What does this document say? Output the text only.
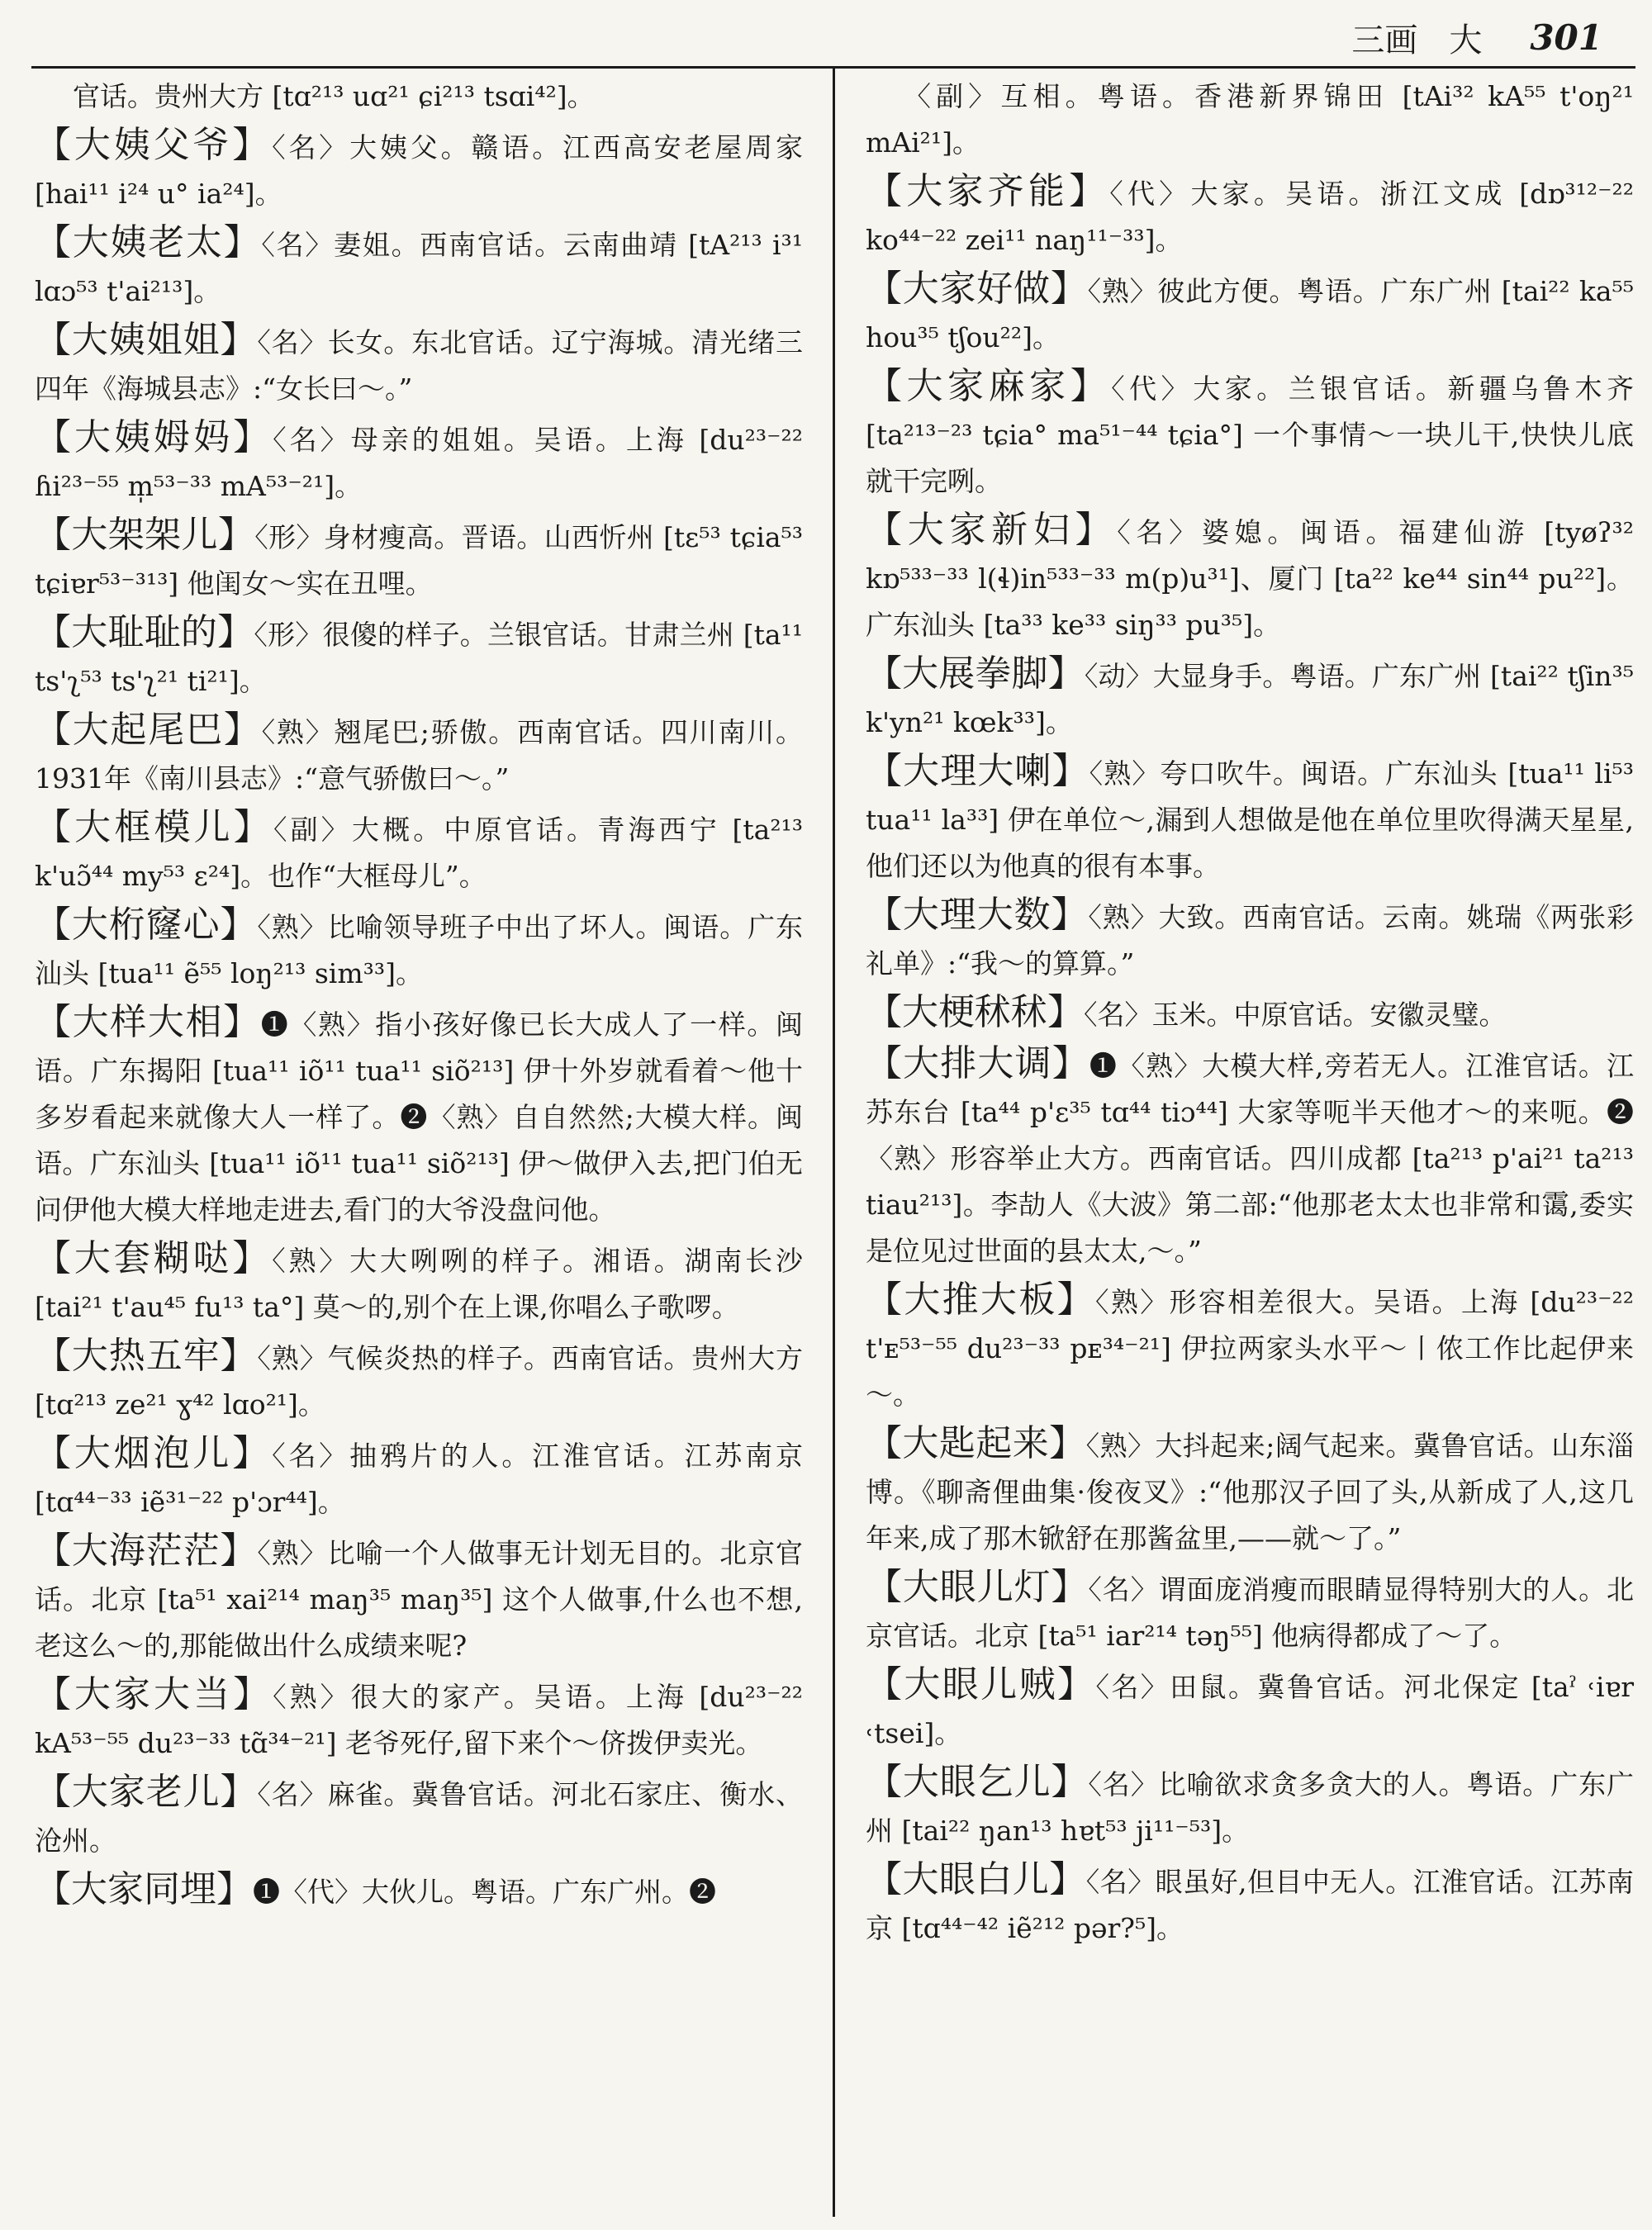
三画 大 301

官话。贵州大方 [tɑ²¹³ uɑ²¹ ɕi²¹³ tsɑi⁴²]。

【大姨父爷】〈名〉大姨父。赣语。江西高安老屋周家 [hai¹¹ i²⁴ u° ia²⁴]。

【大姨老太】〈名〉妻姐。西南官话。云南曲靖 [tA²¹³ i³¹ lɑɔ⁵³ t'ai²¹³]。

【大姨姐姐】〈名〉长女。东北官话。辽宁海城。清光绪三四年《海城县志》:“女长曰～。”

【大姨姆妈】〈名〉母亲的姐姐。吴语。上海 [du²³⁻²² ɦi²³⁻⁵⁵ m̩⁵³⁻³³ mA⁵³⁻²¹]。

【大架架儿】〈形〉身材瘦高。晋语。山西忻州 [tɛ⁵³ tɕia⁵³ tɕiɐr⁵³⁻³¹³] 他闺女～实在丑哩。

【大耻耻的】〈形〉很傻的样子。兰银官话。甘肃兰州 [ta¹¹ ts'ʅ⁵³ ts'ʅ²¹ ti²¹]。

【大起尾巴】〈熟〉翘尾巴;骄傲。西南官话。四川南川。1931年《南川县志》:“意气骄傲曰～。”

【大框模儿】〈副〉大概。中原官话。青海西宁 [ta²¹³ k'uɔ̃⁴⁴ my⁵³ ɛ²⁴]。也作“大框母儿”。

【大桁窿心】〈熟〉比喻领导班子中出了坏人。闽语。广东汕头 [tua¹¹ ẽ⁵⁵ loŋ²¹³ sim³³]。

【大样大相】❶〈熟〉指小孩好像已长大成人了一样。闽语。广东揭阳 [tua¹¹ iõ¹¹ tua¹¹ siõ²¹³] 伊十外岁就看着～他十多岁看起来就像大人一样了。❷〈熟〉自自然然;大模大样。闽语。广东汕头 [tua¹¹ iõ¹¹ tua¹¹ siõ²¹³] 伊～做伊入去,把门伯无问伊他大模大样地走进去,看门的大爷没盘问他。

【大套糊哒】〈熟〉大大咧咧的样子。湘语。湖南长沙 [tai²¹ t'au⁴⁵ fu¹³ ta°] 莫～的,别个在上课,你唱么子歌啰。

【大热五牢】〈熟〉气候炎热的样子。西南官话。贵州大方 [tɑ²¹³ ze²¹ ɣ⁴² lɑo²¹]。

【大烟泡儿】〈名〉抽鸦片的人。江淮官话。江苏南京 [tɑ⁴⁴⁻³³ iẽ³¹⁻²² p'ɔr⁴⁴]。

【大海茫茫】〈熟〉比喻一个人做事无计划无目的。北京官话。北京 [ta⁵¹ xai²¹⁴ maŋ³⁵ maŋ³⁵] 这个人做事,什么也不想,老这么～的,那能做出什么成绩来呢?

【大家大当】〈熟〉很大的家产。吴语。上海 [du²³⁻²² kA⁵³⁻⁵⁵ du²³⁻³³ tɑ̃³⁴⁻²¹] 老爷死仔,留下来个～侪拨伊卖光。

【大家老儿】〈名〉麻雀。冀鲁官话。河北石家庄、衡水、沧州。

【大家同埋】❶〈代〉大伙儿。粤语。广东广州。❷

〈副〉互相。粤语。香港新界锦田 [tAi³² kA⁵⁵ t'oŋ²¹ mAi²¹]。

【大家齐能】〈代〉大家。吴语。浙江文成 [dɒ³¹²⁻²² ko⁴⁴⁻²² zei¹¹ naŋ¹¹⁻³³]。

【大家好做】〈熟〉彼此方便。粤语。广东广州 [tai²² ka⁵⁵ hou³⁵ tʃou²²]。

【大家麻家】〈代〉大家。兰银官话。新疆乌鲁木齐 [ta²¹³⁻²³ tɕia° ma⁵¹⁻⁴⁴ tɕia°] 一个事情～一块儿干,快快儿底就干完咧。

【大家新妇】〈名〉婆媳。闽语。福建仙游 [tyøʔ³² kɒ⁵³³⁻³³ l(ɬ)in⁵³³⁻³³ m(p)u³¹]、厦门 [ta²² ke⁴⁴ sin⁴⁴ pu²²]。广东汕头 [ta³³ ke³³ siŋ³³ pu³⁵]。

【大展拳脚】〈动〉大显身手。粤语。广东广州 [tai²² tʃin³⁵ k'yn²¹ kœk³³]。

【大理大喇】〈熟〉夸口吹牛。闽语。广东汕头 [tua¹¹ li⁵³ tua¹¹ la³³] 伊在单位～,漏到人想做是他在单位里吹得满天星星,他们还以为他真的很有本事。

【大理大数】〈熟〉大致。西南官话。云南。姚瑞《两张彩礼单》:“我～的算算。”

【大梗秫秫】〈名〉玉米。中原官话。安徽灵璧。

【大排大调】❶〈熟〉大模大样,旁若无人。江淮官话。江苏东台 [ta⁴⁴ p'ɛ³⁵ tɑ⁴⁴ tiɔ⁴⁴] 大家等呃半天他才～的来呃。❷〈熟〉形容举止大方。西南官话。四川成都 [ta²¹³ p'ai²¹ ta²¹³ tiau²¹³]。李劼人《大波》第二部:“他那老太太也非常和霭,委实是位见过世面的县太太,～。”

【大推大板】〈熟〉形容相差很大。吴语。上海 [du²³⁻²² t'ᴇ⁵³⁻⁵⁵ du²³⁻³³ pᴇ³⁴⁻²¹] 伊拉两家头水平～丨侬工作比起伊来～。

【大匙起来】〈熟〉大抖起来;阔气起来。冀鲁官话。山东淄博。《聊斋俚曲集·俊夜叉》:“他那汉子回了头,从新成了人,这几年来,成了那木锨舒在那酱盆里,——就～了。”

【大眼儿灯】〈名〉谓面庞消瘦而眼睛显得特别大的人。北京官话。北京 [ta⁵¹ iar²¹⁴ təŋ⁵⁵] 他病得都成了～了。

【大眼儿贼】〈名〉田鼠。冀鲁官话。河北保定 [taˀ ˓iɐr ˓tsei]。

【大眼乞儿】〈名〉比喻欲求贪多贪大的人。粤语。广东广州 [tai²² ŋan¹³ hɐt⁵³ ji¹¹⁻⁵³]。

【大眼白儿】〈名〉眼虽好,但目中无人。江淮官话。江苏南京 [tɑ⁴⁴⁻⁴² iẽ²¹² pər?⁵]。
